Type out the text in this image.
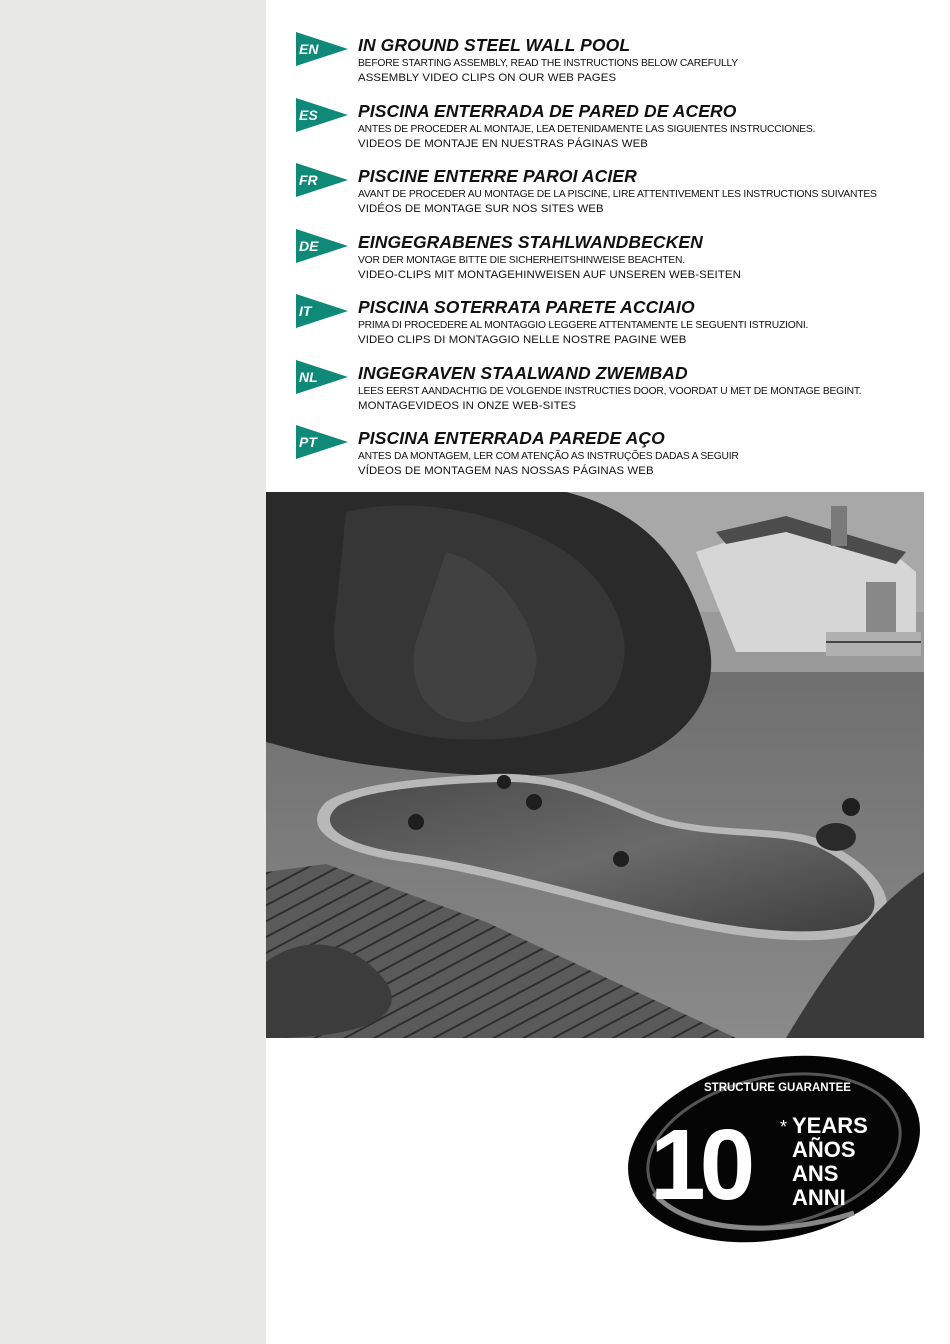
EN IN GROUND STEEL WALL POOL
BEFORE STARTING ASSEMBLY, READ THE INSTRUCTIONS BELOW CAREFULLY
ASSEMBLY VIDEO CLIPS ON OUR WEB PAGES
ES PISCINA ENTERRADA DE PARED DE ACERO
ANTES DE PROCEDER AL MONTAJE, LEA DETENIDAMENTE LAS SIGUIENTES INSTRUCCIONES.
VIDEOS DE MONTAJE EN NUESTRAS PÁGINAS WEB
FR PISCINE ENTERRE PAROI ACIER
AVANT DE PROCEDER AU MONTAGE DE LA PISCINE, LIRE ATTENTIVEMENT LES INSTRUCTIONS SUIVANTES
VIDÉOS DE MONTAGE SUR NOS SITES WEB
DE EINGEGRABENES STAHLWANDBECKEN
VOR DER MONTAGE BITTE DIE SICHERHEITSHINWEISE BEACHTEN.
VIDEO-CLIPS MIT MONTAGEHINWEISEN AUF UNSEREN WEB-SEITEN
IT	PISCINA SOTERRATA PARETE ACCIAIO
PRIMA DI PROCEDERE AL MONTAGGIO LEGGERE ATTENTAMENTE LE SEGUENTI ISTRUZIONI.
VIDEO CLIPS DI MONTAGGIO NELLE NOSTRE PAGINE WEB
NL INGEGRAVEN STAALWAND ZWEMBAD
LEES EERST AANDACHTIG DE VOLGENDE INSTRUCTIES DOOR, VOORDAT U MET DE MONTAGE BEGINT.
MONTAGEVIDEOS IN ONZE WEB-SITES
PT PISCINA ENTERRADA PAREDE AÇO
ANTES DA MONTAGEM, LER COM ATENÇÃO AS INSTRUÇÕES DADAS A SEGUIR
VÍDEOS DE MONTAGEM NAS NOSSAS PÁGINAS WEB
STRUCTURE GUARANTEE
10 * YEARS
AÑOS
ANS
ANNI
